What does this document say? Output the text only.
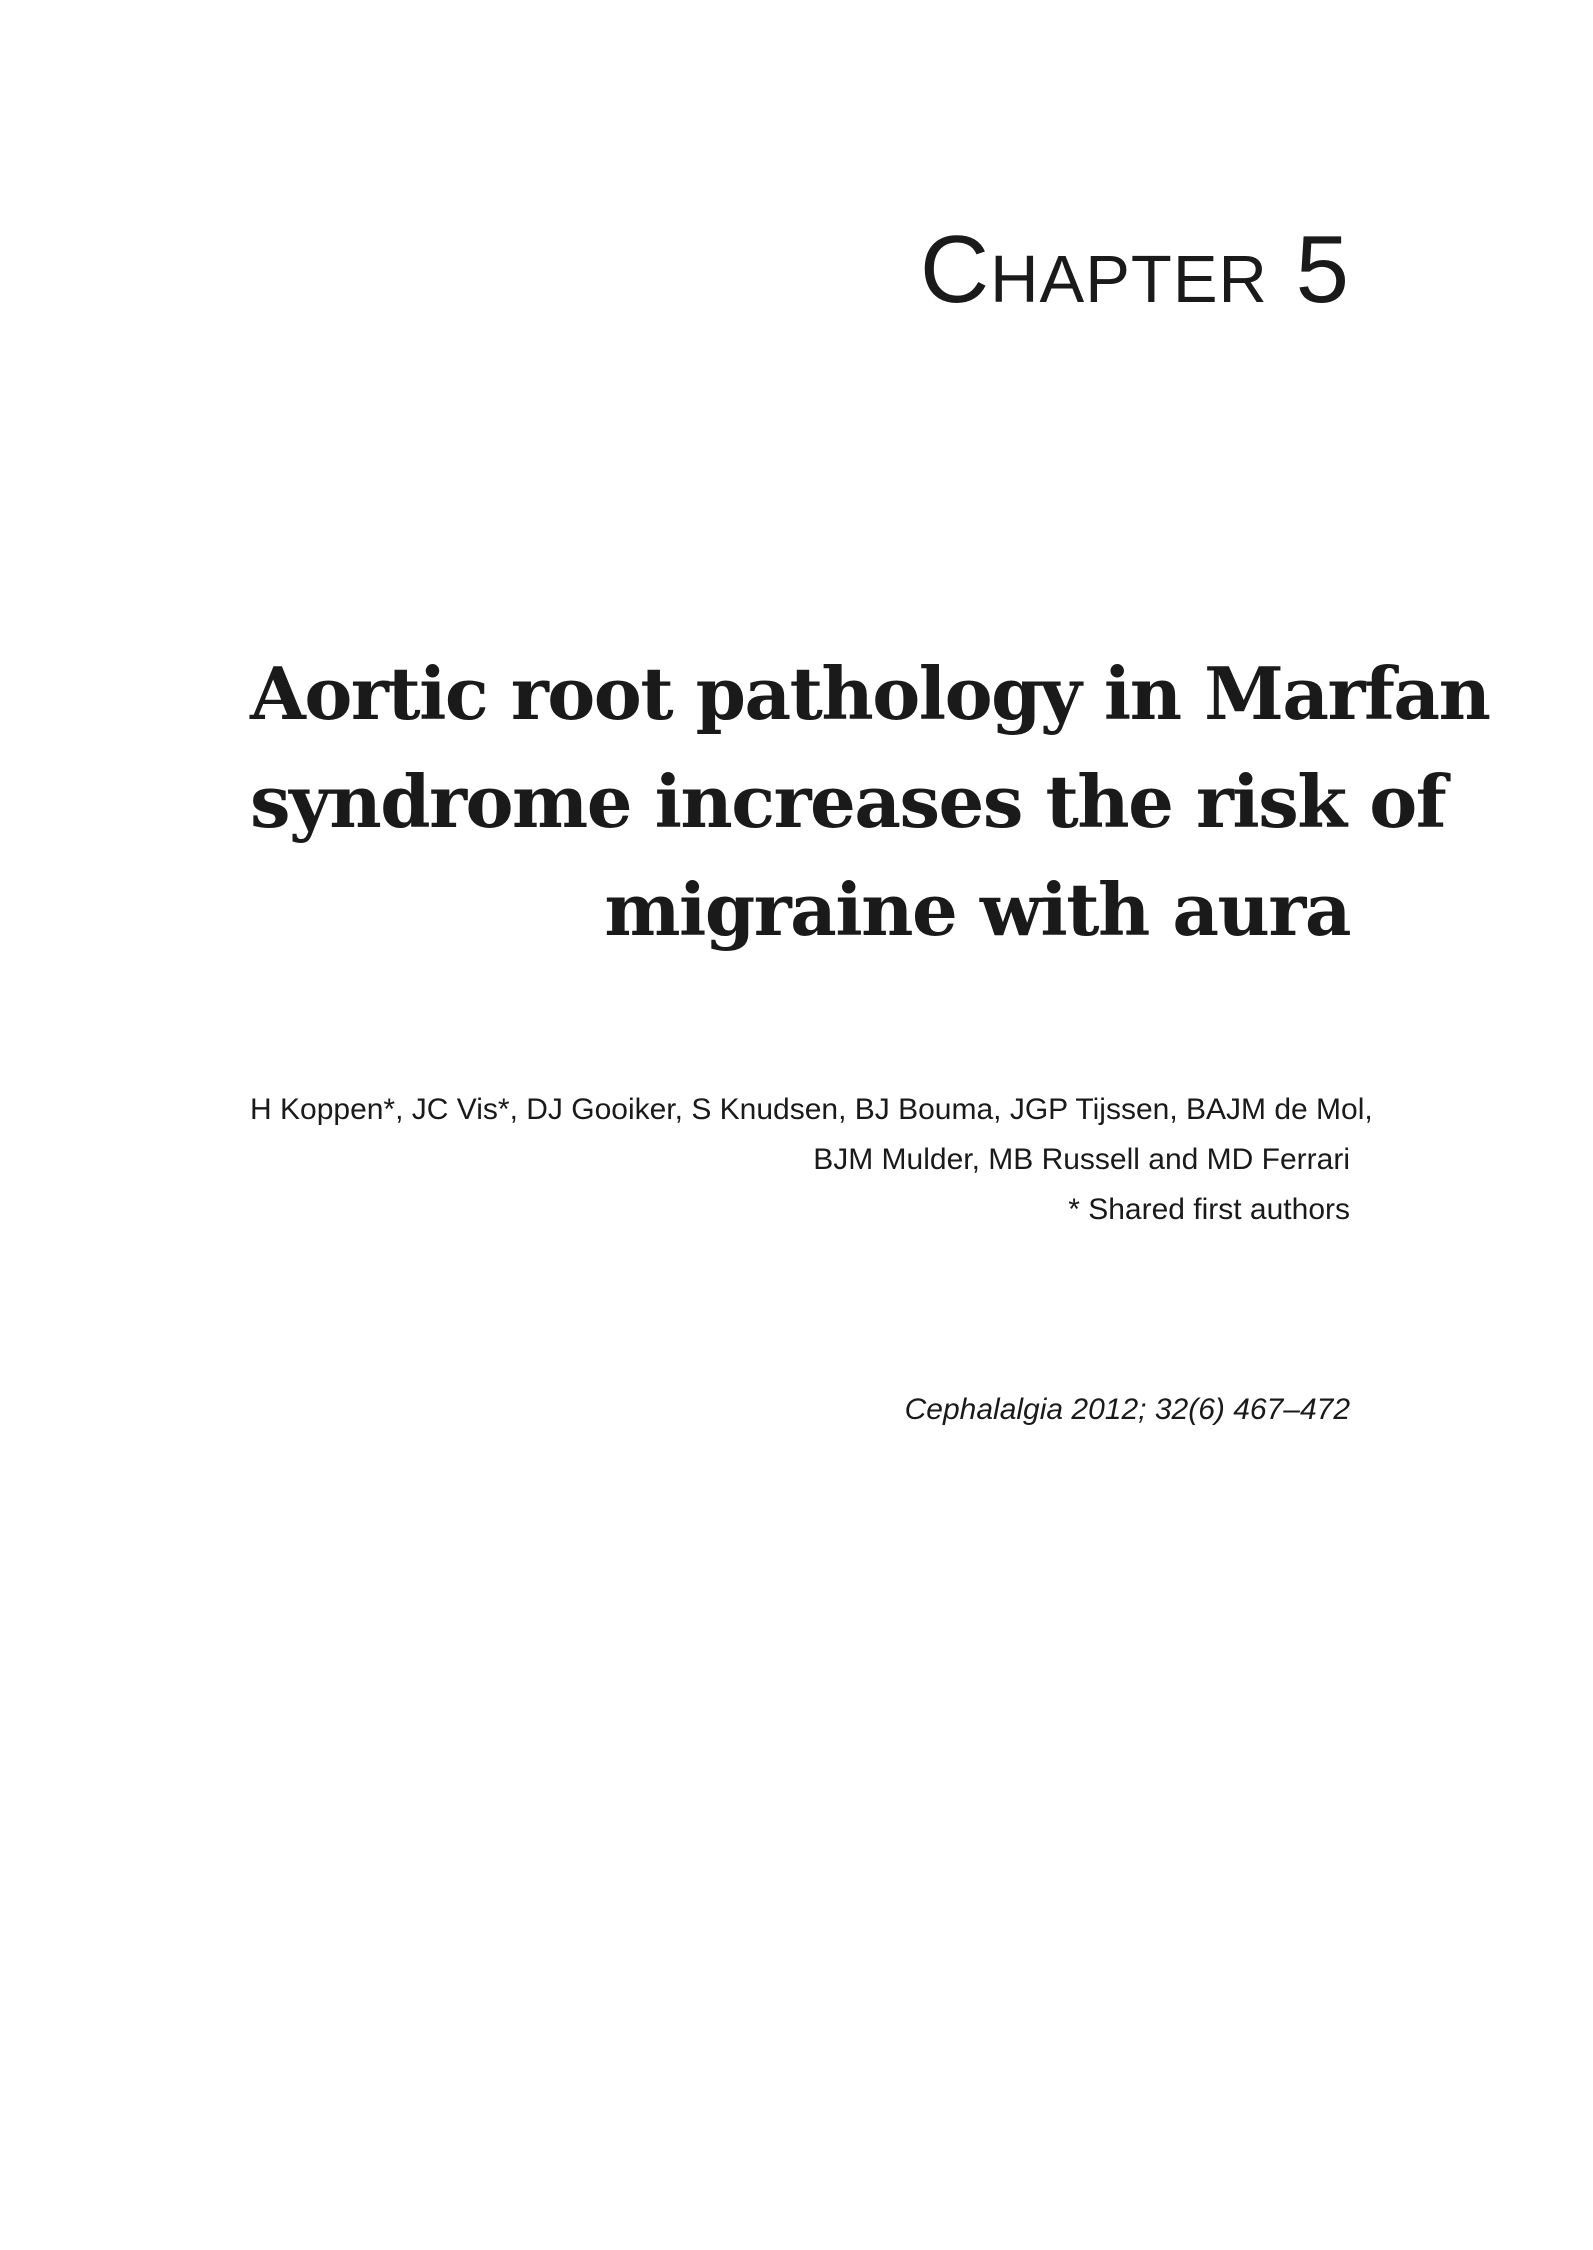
Chapter 5
Aortic root pathology in Marfan
syndrome increases the risk of
migraine with aura
H Koppen*, JC Vis*, DJ Gooiker, S Knudsen, BJ Bouma, JGP Tijssen, BAJM de Mol,
BJM Mulder, MB Russell and MD Ferrari
* Shared first authors
Cephalalgia 2012; 32(6) 467–472
